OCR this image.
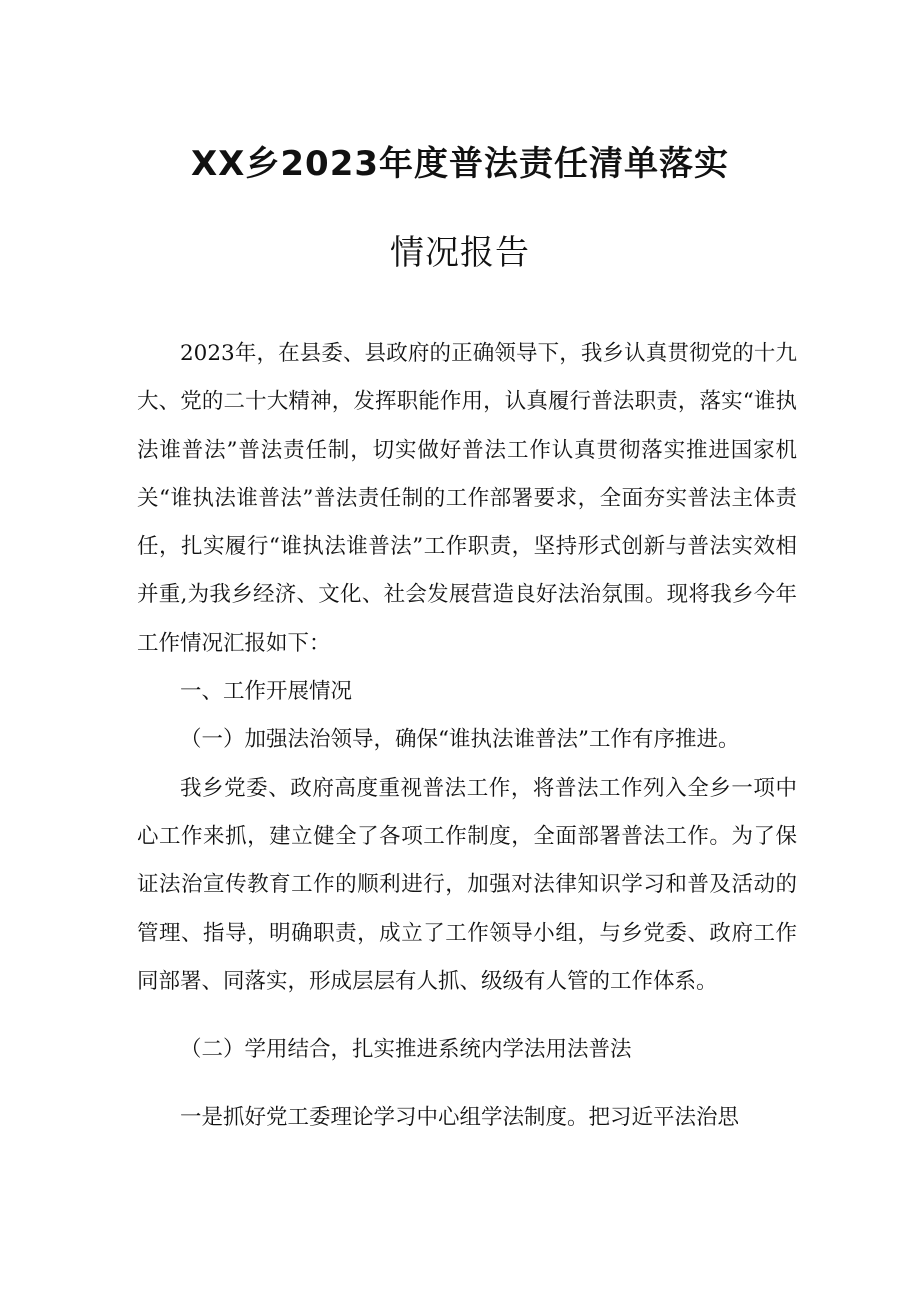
XX乡2023年度普法责任清单落实
情况报告

2023年，在县委、县政府的正确领导下，我乡认真贯彻党的十九大、党的二十大精神，发挥职能作用，认真履行普法职责，落实“谁执法谁普法”普法责任制，切实做好普法工作认真贯彻落实推进国家机关“谁执法谁普法”普法责任制的工作部署要求，全面夯实普法主体责任，扎实履行“谁执法谁普法”工作职责，坚持形式创新与普法实效相并重,为我乡经济、文化、社会发展营造良好法治氛围。现将我乡今年工作情况汇报如下：

一、工作开展情况

（一）加强法治领导，确保“谁执法谁普法”工作有序推进。

我乡党委、政府高度重视普法工作，将普法工作列入全乡一项中心工作来抓，建立健全了各项工作制度，全面部署普法工作。为了保证法治宣传教育工作的顺利进行，加强对法律知识学习和普及活动的管理、指导，明确职责，成立了工作领导小组，与乡党委、政府工作同部署、同落实，形成层层有人抓、级级有人管的工作体系。

（二）学用结合，扎实推进系统内学法用法普法

一是抓好党工委理论学习中心组学法制度。把习近平法治思
